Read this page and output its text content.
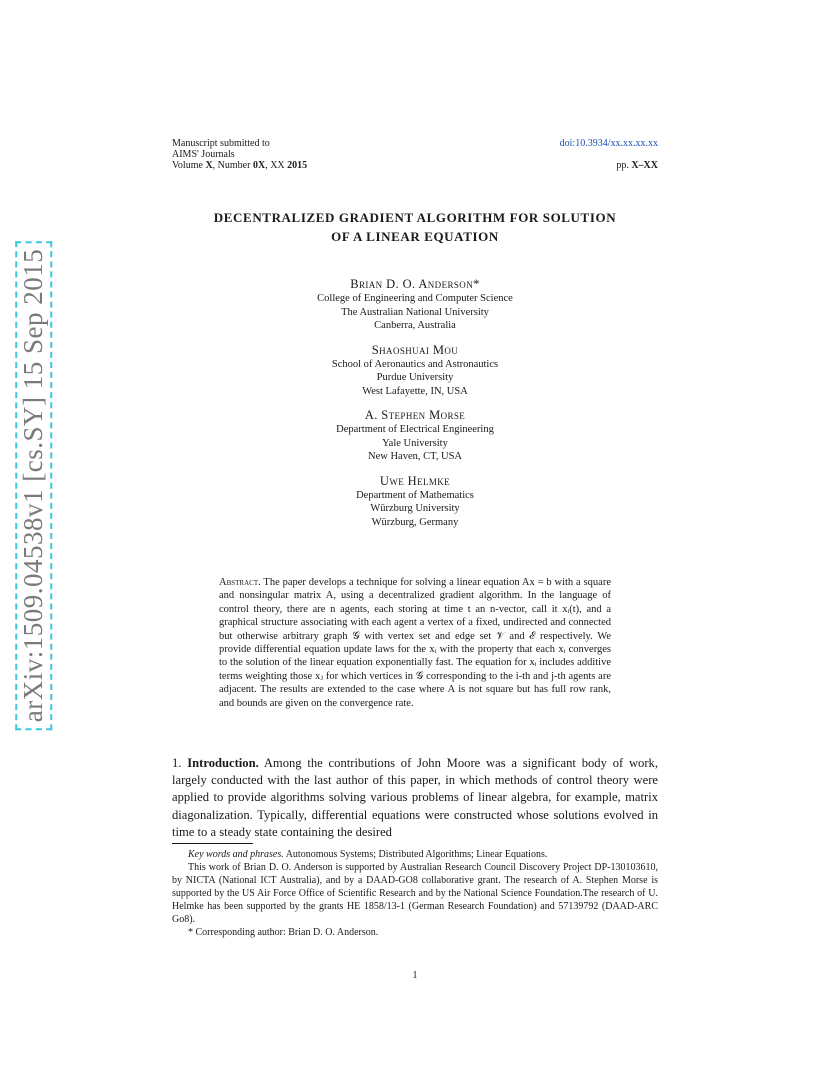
Manuscript submitted to
AIMS' Journals
Volume X, Number 0X, XX 2015
doi:10.3934/xx.xx.xx.xx
pp. X–XX
arXiv:1509.04538v1 [cs.SY] 15 Sep 2015
DECENTRALIZED GRADIENT ALGORITHM FOR SOLUTION
OF A LINEAR EQUATION
Brian D. O. Anderson*
College of Engineering and Computer Science
The Australian National University
Canberra, Australia
Shaoshuai Mou
School of Aeronautics and Astronautics
Purdue University
West Lafayette, IN, USA
A. Stephen Morse
Department of Electrical Engineering
Yale University
New Haven, CT, USA
Uwe Helmke
Department of Mathematics
Würzburg University
Würzburg, Germany
Abstract. The paper develops a technique for solving a linear equation Ax = b with a square and nonsingular matrix A, using a decentralized gradient algorithm. In the language of control theory, there are n agents, each storing at time t an n-vector, call it xᵢ(t), and a graphical structure associating with each agent a vertex of a fixed, undirected and connected but otherwise arbitrary graph 𝒢 with vertex set and edge set 𝒱 and ℰ respectively. We provide differential equation update laws for the xᵢ with the property that each xᵢ converges to the solution of the linear equation exponentially fast. The equation for xᵢ includes additive terms weighting those xⱼ for which vertices in 𝒢 corresponding to the i-th and j-th agents are adjacent. The results are extended to the case where A is not square but has full row rank, and bounds are given on the convergence rate.
1. Introduction. Among the contributions of John Moore was a significant body of work, largely conducted with the last author of this paper, in which methods of control theory were applied to provide algorithms solving various problems of linear algebra, for example, matrix diagonalization. Typically, differential equations were constructed whose solutions evolved in time to a steady state containing the desired

Key words and phrases. Autonomous Systems; Distributed Algorithms; Linear Equations.

This work of Brian D. O. Anderson is supported by Australian Research Council Discovery Project DP-130103610, by NICTA (National ICT Australia), and by a DAAD-GO8 collaborative grant. The research of A. Stephen Morse is supported by the US Air Force Office of Scientific Research and by the National Science Foundation.The research of U. Helmke has been supported by the grants HE 1858/13-1 (German Research Foundation) and 57139792 (DAAD-ARC Go8).

* Corresponding author: Brian D. O. Anderson.

1
